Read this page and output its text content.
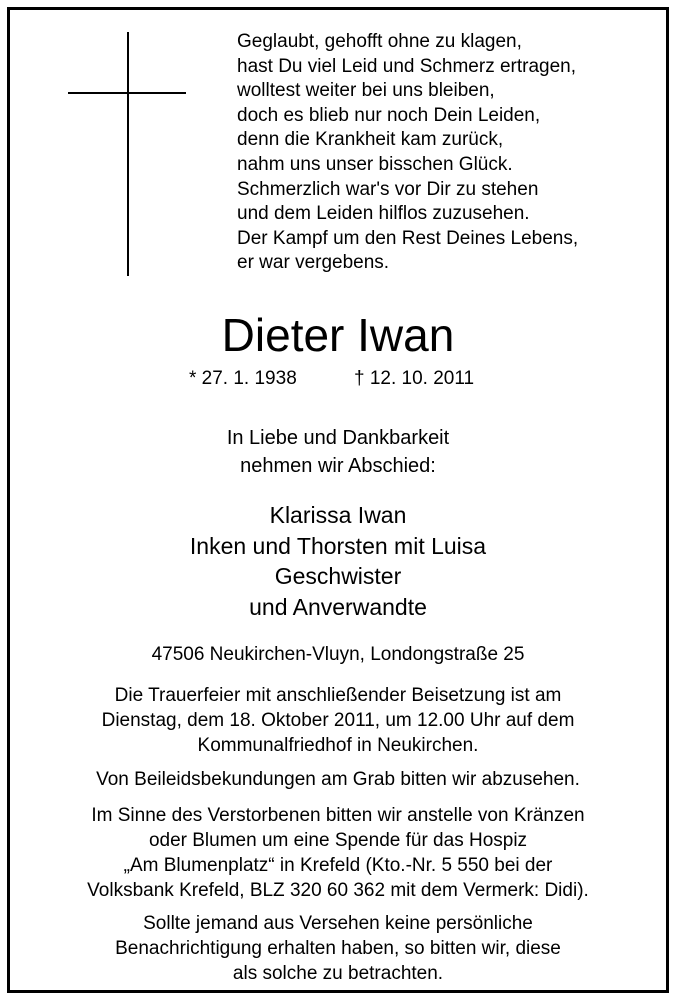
Geglaubt, gehofft ohne zu klagen,
hast Du viel Leid und Schmerz ertragen,
wolltest weiter bei uns bleiben,
doch es blieb nur noch Dein Leiden,
denn die Krankheit kam zurück,
nahm uns unser bisschen Glück.
Schmerzlich war's vor Dir zu stehen
und dem Leiden hilflos zuzusehen.
Der Kampf um den Rest Deines Lebens,
er war vergebens.
Dieter Iwan
* 27. 1. 1938	† 12. 10. 2011
In Liebe und Dankbarkeit
nehmen wir Abschied:
Klarissa Iwan
Inken und Thorsten mit Luisa
Geschwister
und Anverwandte
47506 Neukirchen-Vluyn, Londongstraße 25
Die Trauerfeier mit anschließender Beisetzung ist am
Dienstag, dem 18. Oktober 2011, um 12.00 Uhr auf dem
Kommunalfriedhof in Neukirchen.
Von Beileidsbekundungen am Grab bitten wir abzusehen.
Im Sinne des Verstorbenen bitten wir anstelle von Kränzen
oder Blumen um eine Spende für das Hospiz
„Am Blumenplatz“ in Krefeld (Kto.-Nr. 5 550 bei der
Volksbank Krefeld, BLZ 320 60 362 mit dem Vermerk: Didi).
Sollte jemand aus Versehen keine persönliche
Benachrichtigung erhalten haben, so bitten wir, diese
als solche zu betrachten.
